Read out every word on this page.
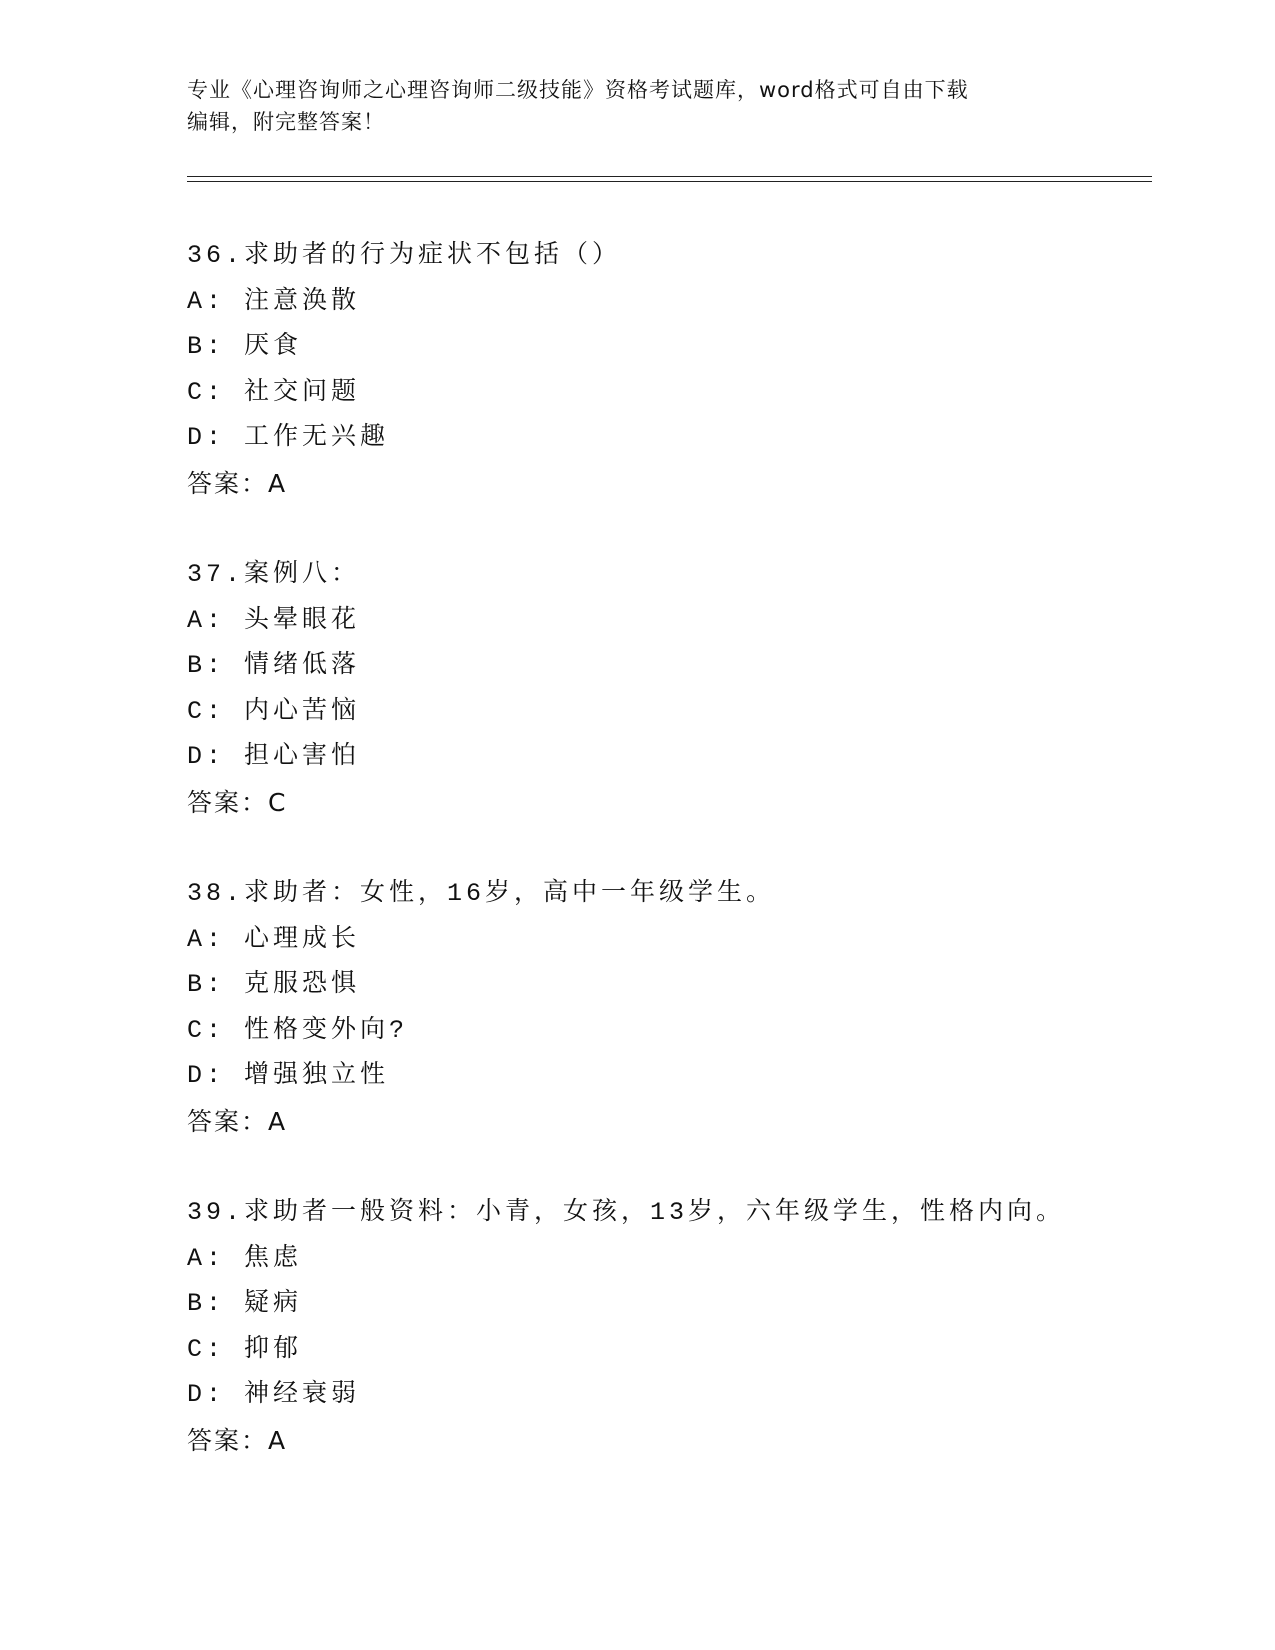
专业《心理咨询师之心理咨询师二级技能》资格考试题库，word格式可自由下载
编辑，附完整答案！
36.求助者的行为症状不包括（）
A: 注意涣散
B: 厌食
C: 社交问题
D: 工作无兴趣
答案：A
37.案例八：
A: 头晕眼花
B: 情绪低落
C: 内心苦恼
D: 担心害怕
答案：C
38.求助者：女性，16岁，高中一年级学生。
A: 心理成长
B: 克服恐惧
C: 性格变外向?
D: 增强独立性
答案：A
39.求助者一般资料：小青，女孩，13岁，六年级学生，性格内向。
A: 焦虑
B: 疑病
C: 抑郁
D: 神经衰弱
答案：A
